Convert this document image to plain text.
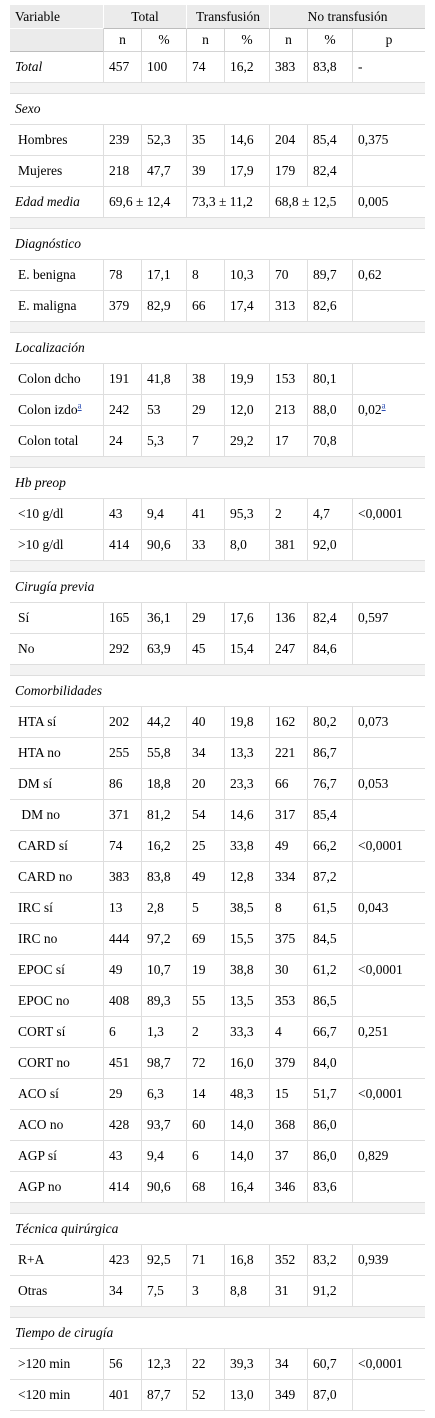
Variable	Total		Transfusión		No transfusión		
	n	%	n	%	n	%	p
Total	457	100	74	16,2	383	83,8	-

Sexo							
Hombres	239	52,3	35	14,6	204	85,4	0,375
Mujeres	218	47,7	39	17,9	179	82,4	
Edad media	69,6 ± 12,4		73,3 ± 11,2		68,8 ± 12,5		0,005

Diagnóstico							
E. benigna	78	17,1	8	10,3	70	89,7	0,62
E. maligna	379	82,9	66	17,4	313	82,6	

Localización							
Colon dcho	191	41,8	38	19,9	153	80,1	
Colon izdo$^a$	242	53	29	12,0	213	88,0	0,02$^a$
Colon total	24	5,3	7	29,2	17	70,8	

Hb preop							
<10 g/dl	43	9,4	41	95,3	2	4,7	<0,0001
>10 g/dl	414	90,6	33	8,0	381	92,0	

Cirugía previa							
Sí	165	36,1	29	17,6	136	82,4	0,597
No	292	63,9	45	15,4	247	84,6	

Comorbilidades							
HTA sí	202	44,2	40	19,8	162	80,2	0,073
HTA no	255	55,8	34	13,3	221	86,7	
DM sí	86	18,8	20	23,3	66	76,7	0,053
DM no	371	81,2	54	14,6	317	85,4	
CARD sí	74	16,2	25	33,8	49	66,2	<0,0001
CARD no	383	83,8	49	12,8	334	87,2	
IRC sí	13	2,8	5	38,5	8	61,5	0,043
IRC no	444	97,2	69	15,5	375	84,5	
EPOC sí	49	10,7	19	38,8	30	61,2	<0,0001
EPOC no	408	89,3	55	13,5	353	86,5	
CORT sí	6	1,3	2	33,3	4	66,7	0,251
CORT no	451	98,7	72	16,0	379	84,0	
ACO sí	29	6,3	14	48,3	15	51,7	<0,0001
ACO no	428	93,7	60	14,0	368	86,0	
AGP sí	43	9,4	6	14,0	37	86,0	0,829
AGP no	414	90,6	68	16,4	346	83,6	

Técnica quirúrgica							
R+A	423	92,5	71	16,8	352	83,2	0,939
Otras	34	7,5	3	8,8	31	91,2	

Tiempo de cirugía							
>120 min	56	12,3	22	39,3	34	60,7	<0,0001
<120 min	401	87,7	52	13,0	349	87,0	
